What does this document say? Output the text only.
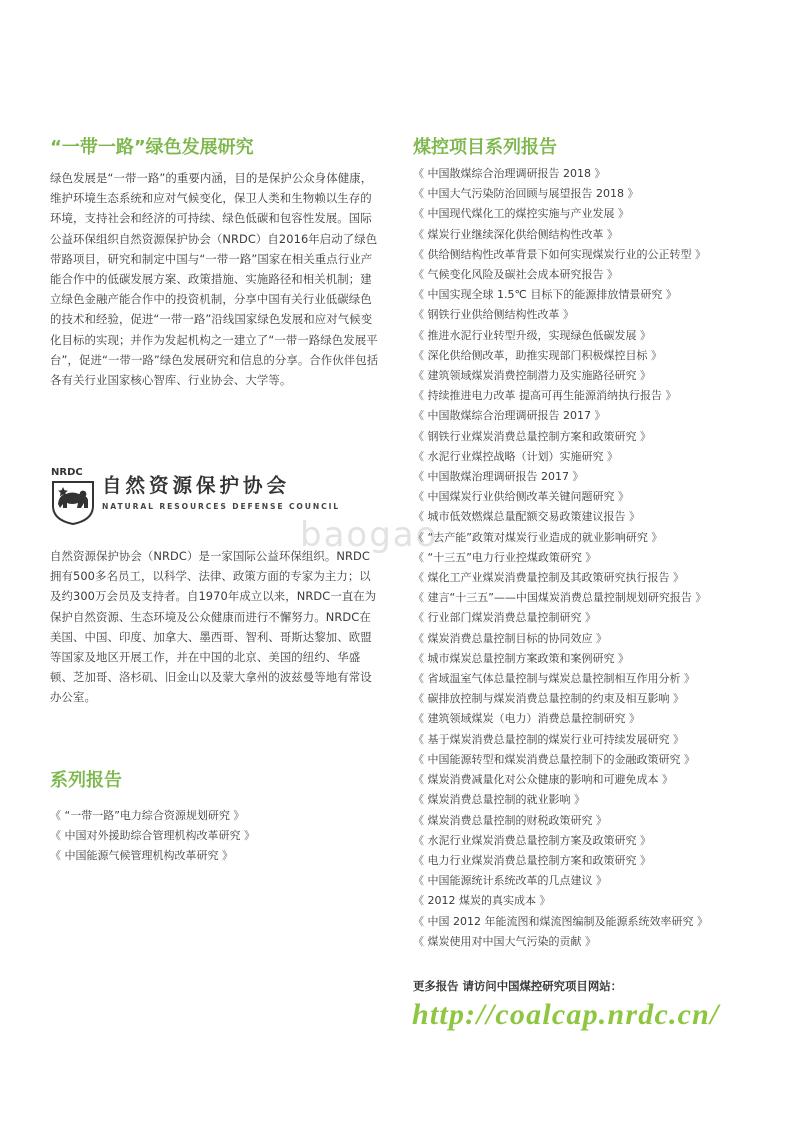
“一带一路”绿色发展研究

绿色发展是“一带一路”的重要内涵，目的是保护公众身体健康，维护环境生态系统和应对气候变化，保卫人类和生物赖以生存的环境，支持社会和经济的可持续、绿色低碳和包容性发展。国际公益环保组织自然资源保护协会（NRDC）自2016年启动了绿色带路项目，研究和制定中国与“一带一路”国家在相关重点行业产能合作中的低碳发展方案、政策措施、实施路径和相关机制；建立绿色金融产能合作中的投资机制，分享中国有关行业低碳绿色的技术和经验，促进“一带一路”沿线国家绿色发展和应对气候变化目标的实现；并作为发起机构之一建立了“一带一路绿色发展平台”，促进“一带一路”绿色发展研究和信息的分享。合作伙伴包括各有关行业国家核心智库、行业协会、大学等。

NRDC
自然资源保护协会
NATURAL RESOURCES DEFENSE COUNCIL
baogao

自然资源保护协会（NRDC）是一家国际公益环保组织。NRDC拥有500多名员工，以科学、法律、政策方面的专家为主力；以及约300万会员及支持者。自1970年成立以来，NRDC一直在为保护自然资源、生态环境及公众健康而进行不懈努力。NRDC在美国、中国、印度、加拿大、墨西哥、智利、哥斯达黎加、欧盟等国家及地区开展工作，并在中国的北京、美国的纽约、华盛顿、芝加哥、洛杉矶、旧金山以及蒙大拿州的波兹曼等地有常设办公室。

系列报告
《 “一带一路”电力综合资源规划研究 》
《 中国对外援助综合管理机构改革研究 》
《 中国能源气候管理机构改革研究 》
煤控项目系列报告
《 中国散煤综合治理调研报告 2018 》
《 中国大气污染防治回顾与展望报告 2018 》
《 中国现代煤化工的煤控实施与产业发展 》
《 煤炭行业继续深化供给侧结构性改革 》
《 供给侧结构性改革背景下如何实现煤炭行业的公正转型 》
《 气候变化风险及碳社会成本研究报告 》
《 中国实现全球 1.5℃ 目标下的能源排放情景研究 》
《 钢铁行业供给侧结构性改革 》
《 推进水泥行业转型升级，实现绿色低碳发展 》
《 深化供给侧改革，助推实现部门积极煤控目标 》
《 建筑领域煤炭消费控制潜力及实施路径研究 》
《 持续推进电力改革 提高可再生能源消纳执行报告 》
《 中国散煤综合治理调研报告 2017 》
《 钢铁行业煤炭消费总量控制方案和政策研究 》
《 水泥行业煤控战略（计划）实施研究 》
《 中国散煤治理调研报告 2017 》
《 中国煤炭行业供给侧改革关键问题研究 》
《 城市低效燃煤总量配额交易政策建议报告 》
《 “去产能”政策对煤炭行业造成的就业影响研究 》
《 “十三五”电力行业控煤政策研究 》
《 煤化工产业煤炭消费量控制及其政策研究执行报告 》
《 建言“十三五”——中国煤炭消费总量控制规划研究报告 》
《 行业部门煤炭消费总量控制研究 》
《 煤炭消费总量控制目标的协同效应 》
《 城市煤炭总量控制方案政策和案例研究 》
《 省域温室气体总量控制与煤炭总量控制相互作用分析 》
《 碳排放控制与煤炭消费总量控制的约束及相互影响 》
《 建筑领域煤炭（电力）消费总量控制研究 》
《 基于煤炭消费总量控制的煤炭行业可持续发展研究 》
《 中国能源转型和煤炭消费总量控制下的金融政策研究 》
《 煤炭消费减量化对公众健康的影响和可避免成本 》
《 煤炭消费总量控制的就业影响 》
《 煤炭消费总量控制的财税政策研究 》
《 水泥行业煤炭消费总量控制方案及政策研究 》
《 电力行业煤炭消费总量控制方案和政策研究 》
《 中国能源统计系统改革的几点建议 》
《 2012 煤炭的真实成本 》
《 中国 2012 年能流图和煤流图编制及能源系统效率研究 》
《 煤炭使用对中国大气污染的贡献 》
更多报告 请访问中国煤控研究项目网站：
http://coalcap.nrdc.cn/
